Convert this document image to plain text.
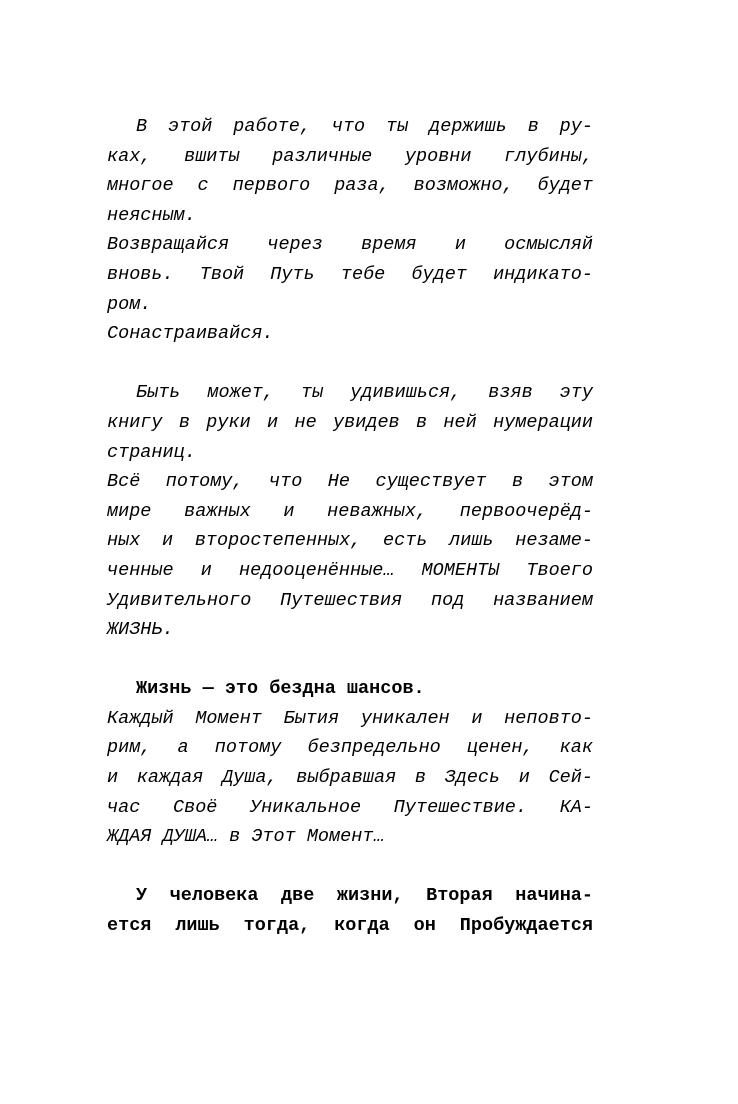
В этой работе, что ты держишь в ру-
ках, вшиты различные уровни глубины,
многое с первого раза, возможно, будет
неясным.
Возвращайся через время и осмысляй
вновь. Твой Путь тебе будет индикато-
ром.
Сонастраивайся.
Быть может, ты удивишься, взяв эту
книгу в руки и не увидев в ней нумерации
страниц.
Всё потому, что Не существует в этом
мире важных и неважных, первоочерёд-
ных и второстепенных, есть лишь незаме-
ченные и недооценённые… МОМЕНТЫ Твоего
Удивительного Путешествия под названием
ЖИЗНЬ.
Жизнь — это бездна шансов.
Каждый Момент Бытия уникален и неповто-
рим, а потому безпредельно ценен, как
и каждая Душа, выбравшая в Здесь и Сей-
час Своё Уникальное Путешествие. КА-
ЖДАЯ ДУША… в Этот Момент…
У человека две жизни, Вторая начина-
ется лишь тогда, когда он Пробуждается
